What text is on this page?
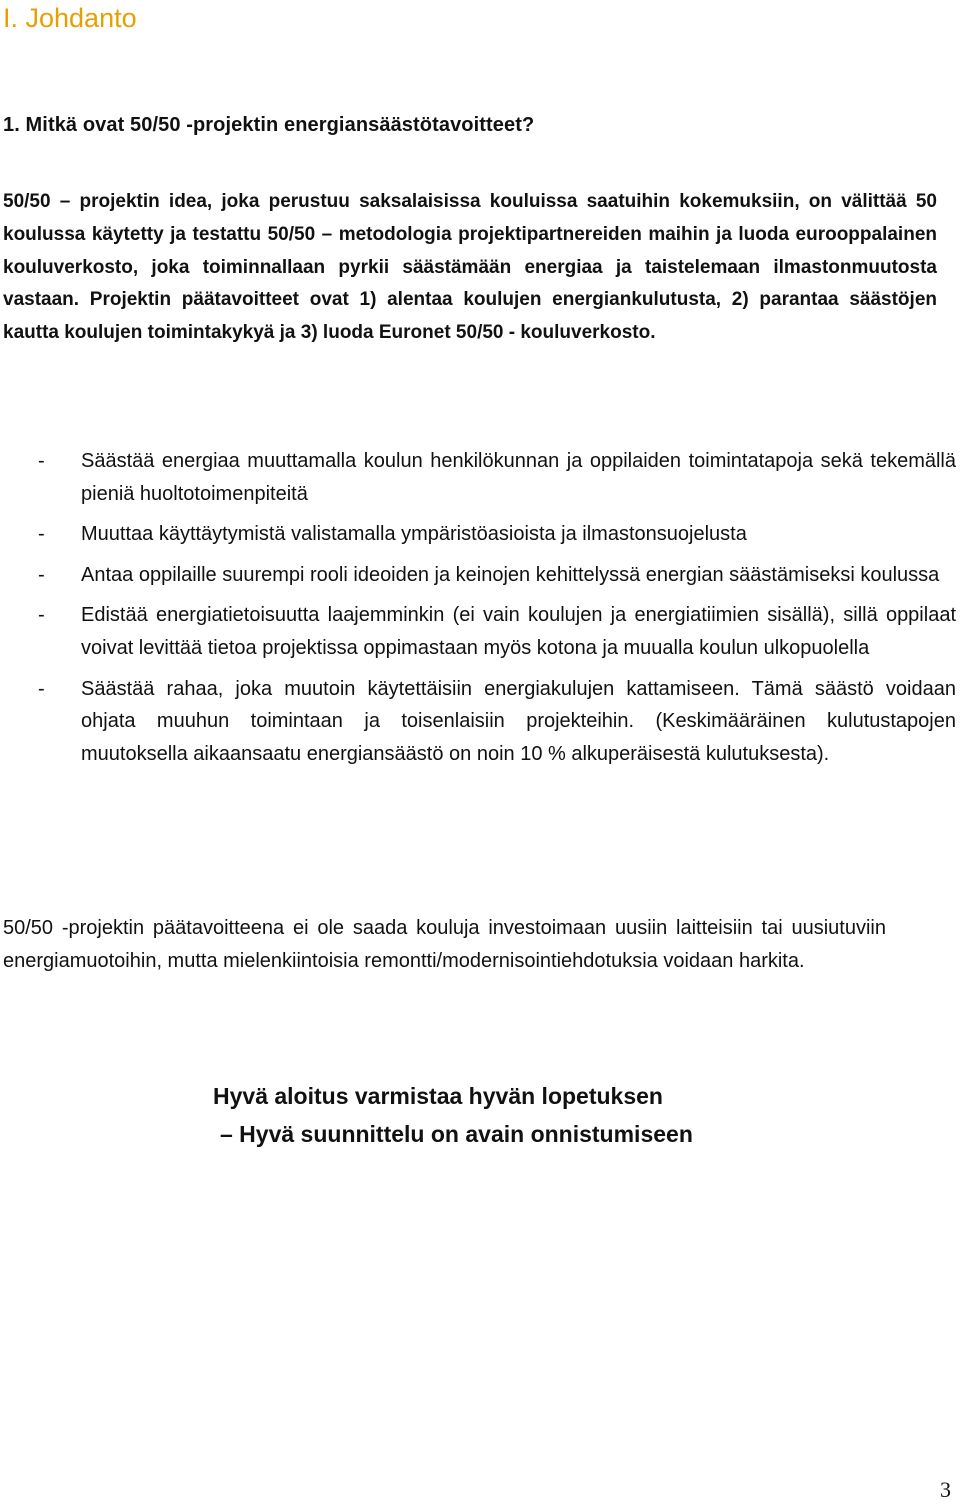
I. Johdanto
1. Mitkä ovat 50/50 -projektin energiansäästötavoitteet?

50/50 – projektin idea, joka perustuu saksalaisissa kouluissa saatuihin kokemuksiin, on välittää 50 koulussa käytetty ja testattu 50/50 – metodologia projektipartnereiden maihin ja luoda eurooppalainen kouluverkosto, joka toiminnallaan pyrkii säästämään energiaa ja taistelemaan ilmastonmuutosta vastaan. Projektin päätavoitteet ovat 1) alentaa koulujen energiankulutusta, 2) parantaa säästöjen kautta koulujen toimintakykyä ja 3) luoda Euronet 50/50 - kouluverkosto.

- Säästää energiaa muuttamalla koulun henkilökunnan ja oppilaiden toimintatapoja sekä tekemällä pieniä huoltotoimenpiteitä
- Muuttaa käyttäytymistä valistamalla ympäristöasioista ja ilmastonsuojelusta
- Antaa oppilaille suurempi rooli ideoiden ja keinojen kehittelyssä energian säästämiseksi koulussa
- Edistää energiatietoisuutta laajemminkin (ei vain koulujen ja energiatiimien sisällä), sillä oppilaat voivat levittää tietoa projektissa oppimastaan myös kotona ja muualla koulun ulkopuolella
- Säästää rahaa, joka muutoin käytettäisiin energiakulujen kattamiseen. Tämä säästö voidaan ohjata muuhun toimintaan ja toisenlaisiin projekteihin. (Keskimääräinen kulutustapojen muutoksella aikaansaatu energiansäästö on noin 10 % alkuperäisestä kulutuksesta).

50/50 -projektin päätavoitteena ei ole saada kouluja investoimaan uusiin laitteisiin tai uusiutuviin energiamuotoihin, mutta mielenkiintoisia remontti/modernisointiehdotuksia voidaan harkita.

Hyvä aloitus varmistaa hyvän lopetuksen
– Hyvä suunnittelu on avain onnistumiseen
3
